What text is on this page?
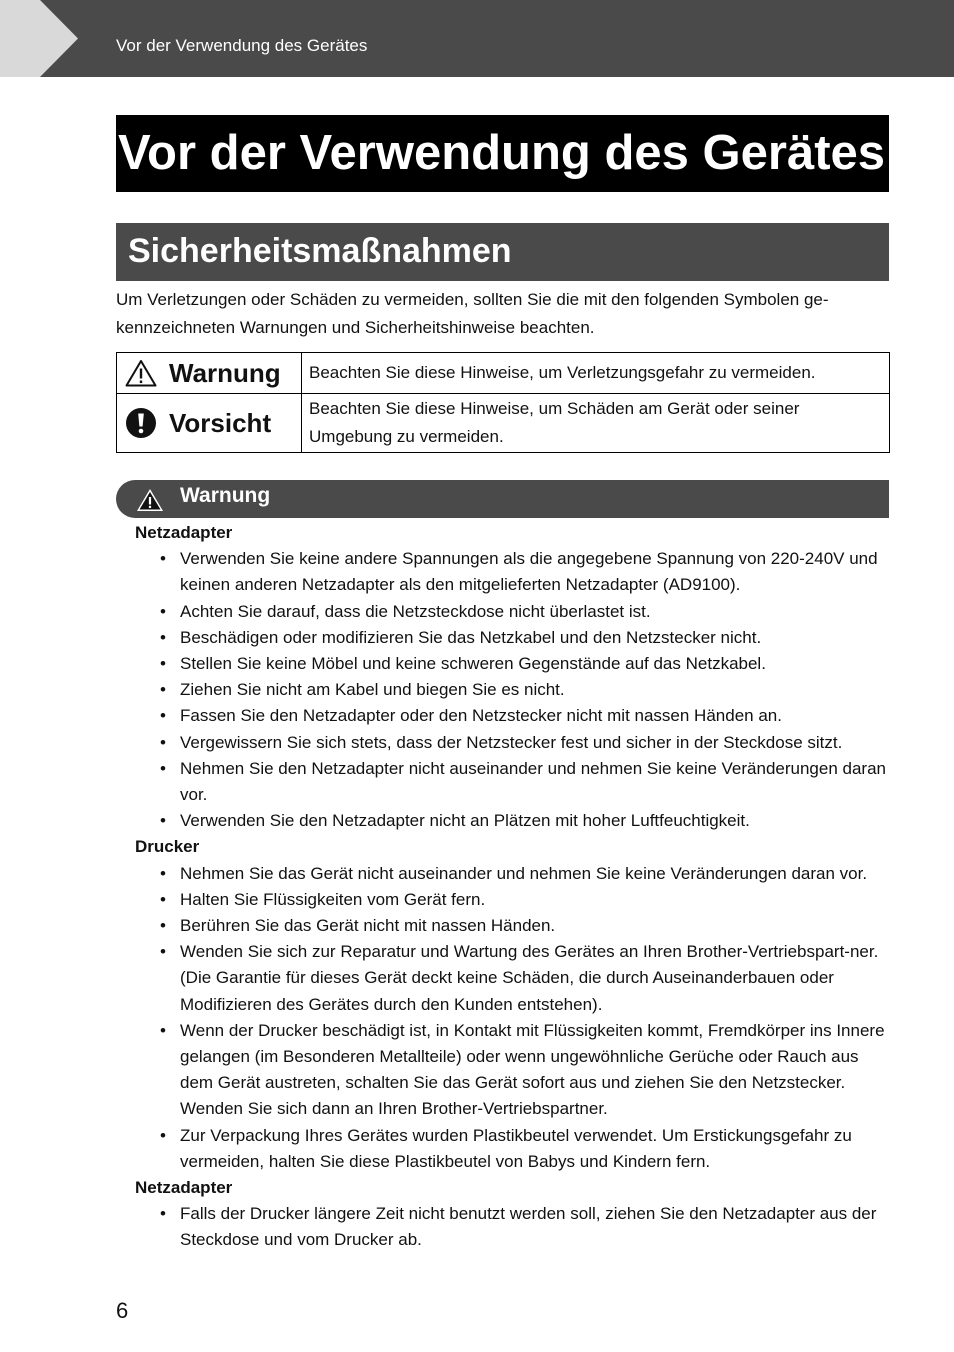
Vor der Verwendung des Gerätes
Vor der Verwendung des Gerätes
Sicherheitsmaßnahmen
Um Verletzungen oder Schäden zu vermeiden, sollten Sie die mit den folgenden Symbolen ge-kennzeichneten Warnungen und Sicherheitshinweise beachten.
Warnung	Beachten Sie diese Hinweise, um Verletzungsgefahr zu vermeiden.

Vorsicht	Beachten Sie diese Hinweise, um Schäden am Gerät oder seiner Umgebung zu vermeiden.
Warnung
Netzadapter
• Verwenden Sie keine andere Spannungen als die angegebene Spannung von 220-240V und keinen anderen Netzadapter als den mitgelieferten Netzadapter (AD9100).
• Achten Sie darauf, dass die Netzsteckdose nicht überlastet ist.
• Beschädigen oder modifizieren Sie das Netzkabel und den Netzstecker nicht.
• Stellen Sie keine Möbel und keine schweren Gegenstände auf das Netzkabel.
• Ziehen Sie nicht am Kabel und biegen Sie es nicht.
• Fassen Sie den Netzadapter oder den Netzstecker nicht mit nassen Händen an.
• Vergewissern Sie sich stets, dass der Netzstecker fest und sicher in der Steckdose sitzt.
• Nehmen Sie den Netzadapter nicht auseinander und nehmen Sie keine Veränderungen daran vor.
• Verwenden Sie den Netzadapter nicht an Plätzen mit hoher Luftfeuchtigkeit.
Drucker
• Nehmen Sie das Gerät nicht auseinander und nehmen Sie keine Veränderungen daran vor.
• Halten Sie Flüssigkeiten vom Gerät fern.
• Berühren Sie das Gerät nicht mit nassen Händen.
• Wenden Sie sich zur Reparatur und Wartung des Gerätes an Ihren Brother-Vertriebspart-ner. (Die Garantie für dieses Gerät deckt keine Schäden, die durch Auseinanderbauen oder Modifizieren des Gerätes durch den Kunden entstehen).
• Wenn der Drucker beschädigt ist, in Kontakt mit Flüssigkeiten kommt, Fremdkörper ins Innere gelangen (im Besonderen Metallteile) oder wenn ungewöhnliche Gerüche oder Rauch aus dem Gerät austreten, schalten Sie das Gerät sofort aus und ziehen Sie den Netzstecker. Wenden Sie sich dann an Ihren Brother-Vertriebspartner.
• Zur Verpackung Ihres Gerätes wurden Plastikbeutel verwendet. Um Erstickungsgefahr zu vermeiden, halten Sie diese Plastikbeutel von Babys und Kindern fern.
Netzadapter
• Falls der Drucker längere Zeit nicht benutzt werden soll, ziehen Sie den Netzadapter aus der Steckdose und vom Drucker ab.
6
